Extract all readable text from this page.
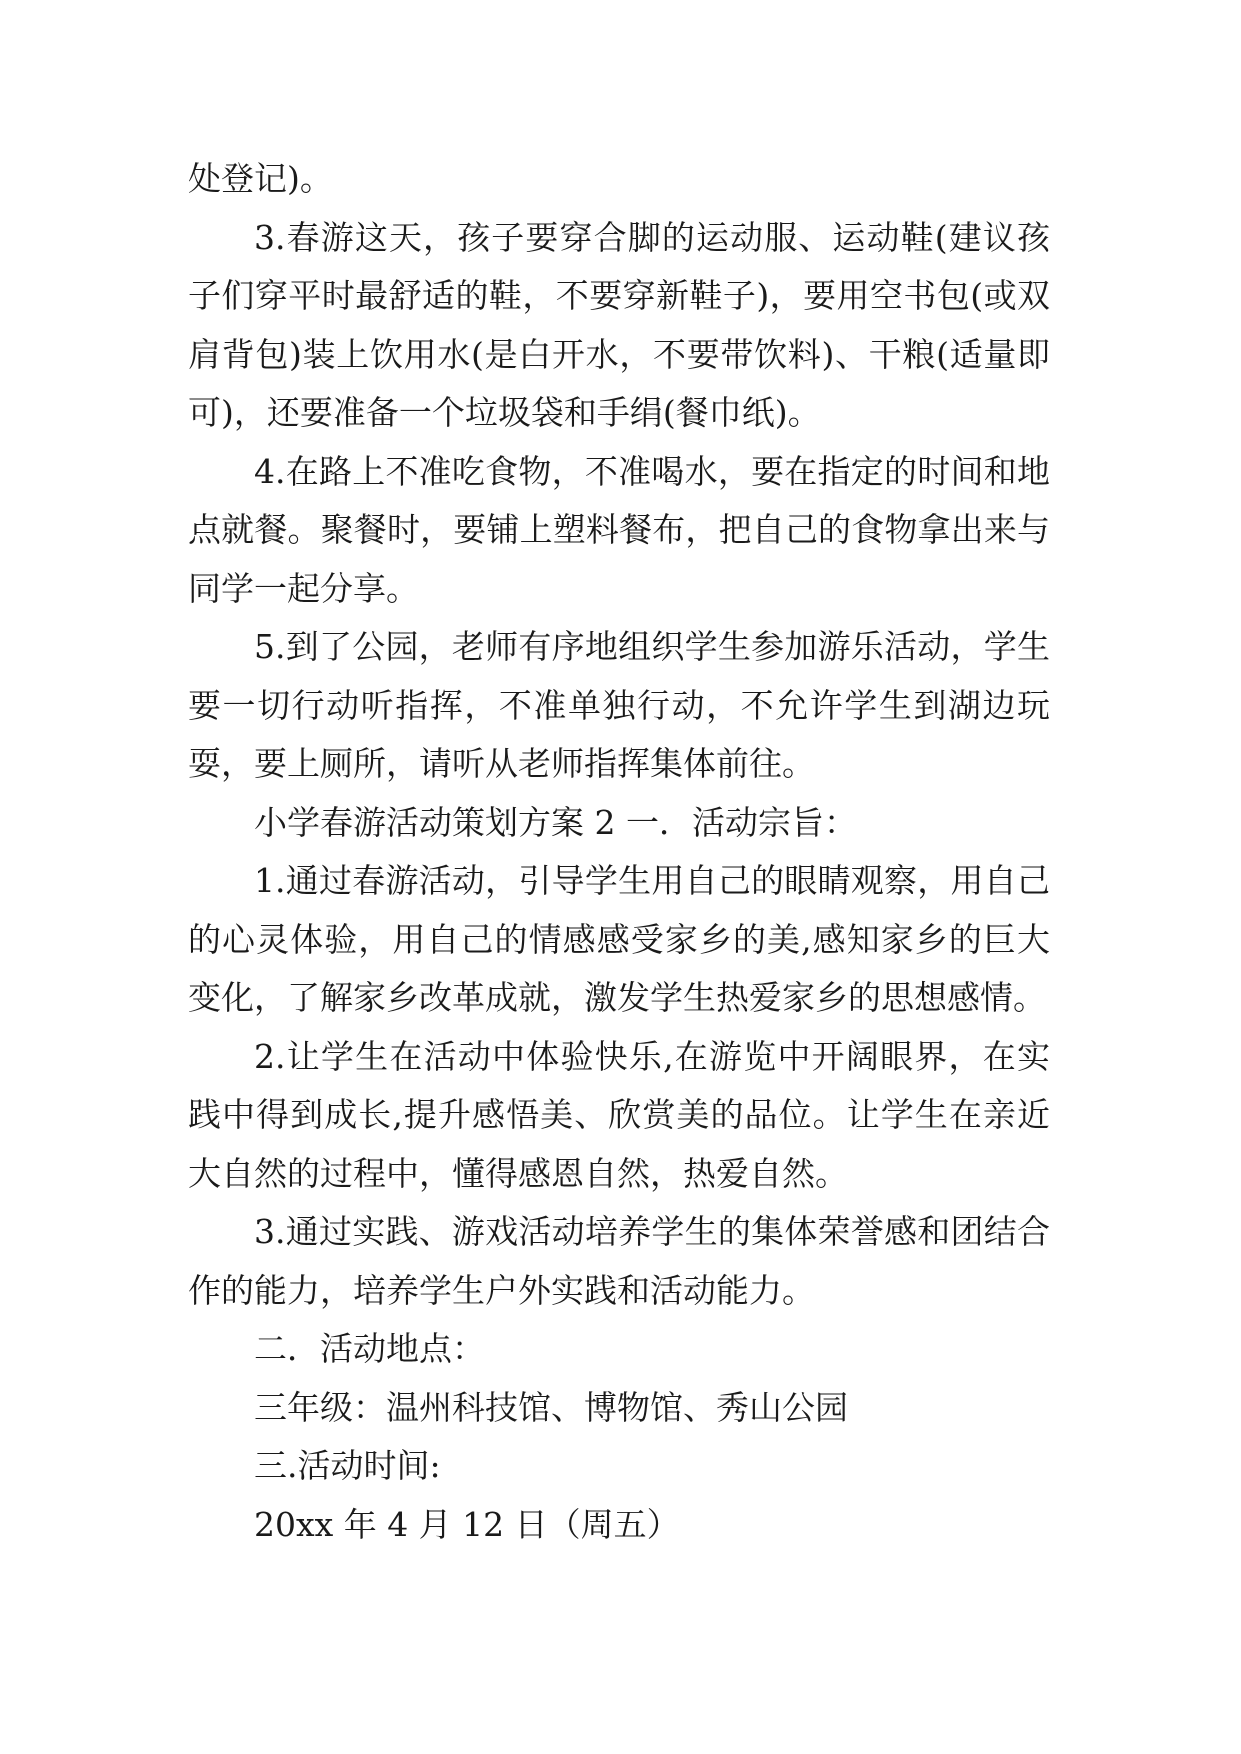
处登记)。

3.春游这天，孩子要穿合脚的运动服、运动鞋(建议孩子们穿平时最舒适的鞋，不要穿新鞋子)，要用空书包(或双肩背包)装上饮用水(是白开水，不要带饮料)、干粮(适量即可)，还要准备一个垃圾袋和手绢(餐巾纸)。

4.在路上不准吃食物，不准喝水，要在指定的时间和地点就餐。聚餐时，要铺上塑料餐布，把自己的食物拿出来与同学一起分享。

5.到了公园，老师有序地组织学生参加游乐活动，学生要一切行动听指挥，不准单独行动，不允许学生到湖边玩耍，要上厕所，请听从老师指挥集体前往。

小学春游活动策划方案 2 一．活动宗旨：

1.通过春游活动，引导学生用自己的眼睛观察，用自己的心灵体验，用自己的情感感受家乡的美,感知家乡的巨大变化，了解家乡改革成就，激发学生热爱家乡的思想感情。

2.让学生在活动中体验快乐,在游览中开阔眼界，在实践中得到成长,提升感悟美、欣赏美的品位。让学生在亲近大自然的过程中，懂得感恩自然，热爱自然。

3.通过实践、游戏活动培养学生的集体荣誉感和团结合作的能力，培养学生户外实践和活动能力。

二．活动地点：

三年级：温州科技馆、博物馆、秀山公园

三.活动时间:

20xx 年 4 月 12 日（周五）
